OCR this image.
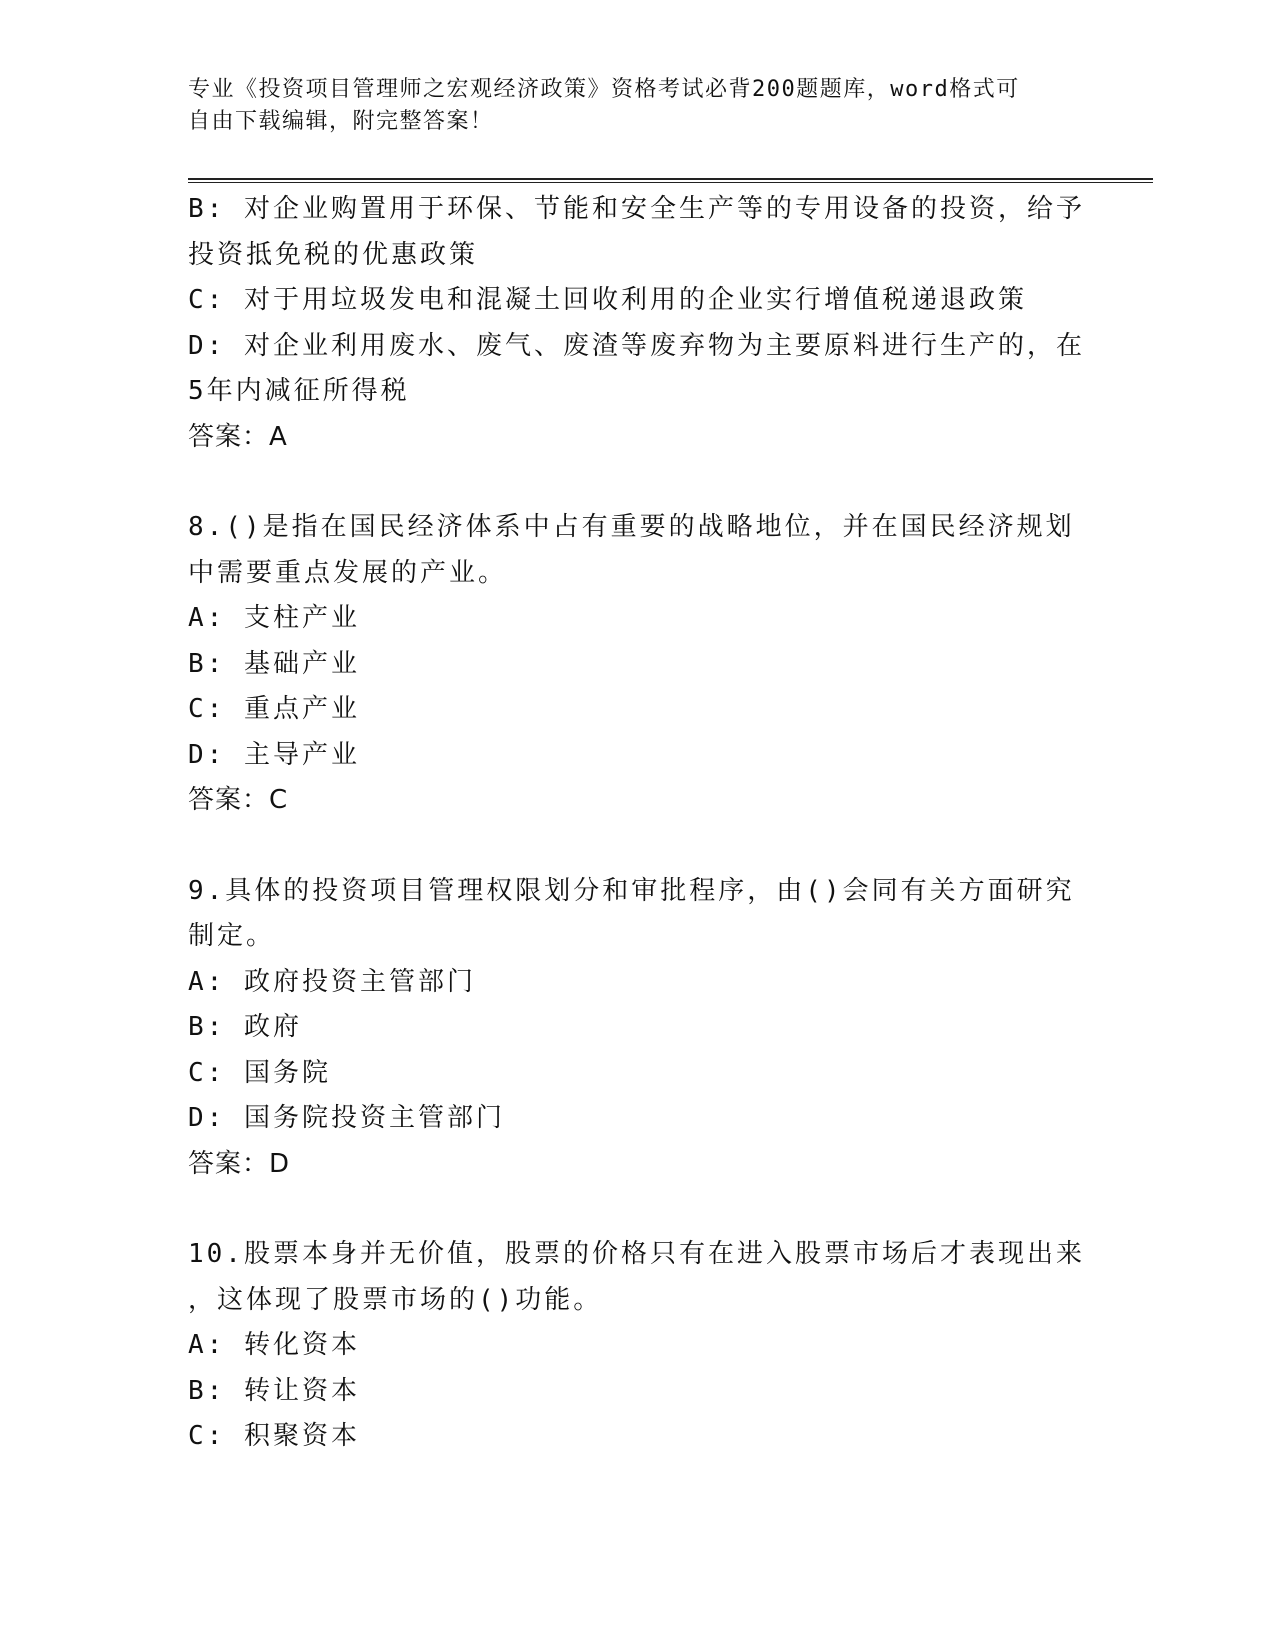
专业《投资项目管理师之宏观经济政策》资格考试必背200题题库，word格式可
自由下载编辑，附完整答案！
B: 对企业购置用于环保、节能和安全生产等的专用设备的投资，给予
投资抵免税的优惠政策
C: 对于用垃圾发电和混凝土回收利用的企业实行增值税递退政策
D: 对企业利用废水、废气、废渣等废弃物为主要原料进行生产的，在
5年内减征所得税
答案：A
8.()是指在国民经济体系中占有重要的战略地位，并在国民经济规划
中需要重点发展的产业。
A: 支柱产业
B: 基础产业
C: 重点产业
D: 主导产业
答案：C
9.具体的投资项目管理权限划分和审批程序，由()会同有关方面研究
制定。
A: 政府投资主管部门
B: 政府
C: 国务院
D: 国务院投资主管部门
答案：D
10.股票本身并无价值，股票的价格只有在进入股票市场后才表现出来
，这体现了股票市场的()功能。
A: 转化资本
B: 转让资本
C: 积聚资本
